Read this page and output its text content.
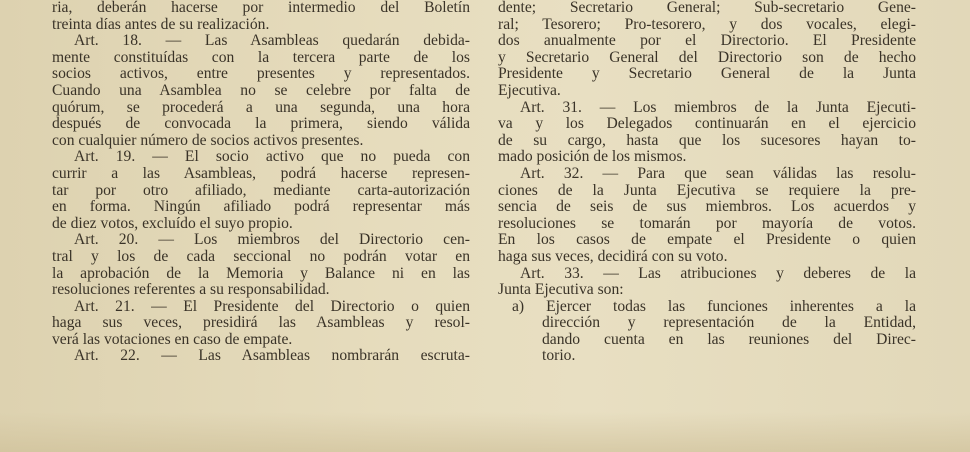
ria, deberán hacerse por intermedio del Boletín
treinta días antes de su realización.
Art. 18. — Las Asambleas quedarán debida-
mente constituídas con la tercera parte de los
socios activos, entre presentes y representados.
Cuando una Asamblea no se celebre por falta de
quórum, se procederá a una segunda, una hora
después de convocada la primera, siendo válida
con cualquier número de socios activos presentes.
Art. 19. — El socio activo que no pueda con
currir a las Asambleas, podrá hacerse represen-
tar por otro afiliado, mediante carta-autorización
en forma. Ningún afiliado podrá representar más
de diez votos, excluído el suyo propio.
Art. 20. — Los miembros del Directorio cen-
tral y los de cada seccional no podrán votar en
la aprobación de la Memoria y Balance ni en las
resoluciones referentes a su responsabilidad.
Art. 21. — El Presidente del Directorio o quien
haga sus veces, presidirá las Asambleas y resol-
verá las votaciones en caso de empate.
Art. 22. — Las Asambleas nombrarán escruta-
dente; Secretario General; Sub-secretario Gene-
ral; Tesorero; Pro-tesorero, y dos vocales, elegi-
dos anualmente por el Directorio. El Presidente
y Secretario General del Directorio son de hecho
Presidente y Secretario General de la Junta
Ejecutiva.
Art. 31. — Los miembros de la Junta Ejecuti-
va y los Delegados continuarán en el ejercicio
de su cargo, hasta que los sucesores hayan to-
mado posición de los mismos.
Art. 32. — Para que sean válidas las resolu-
ciones de la Junta Ejecutiva se requiere la pre-
sencia de seis de sus miembros. Los acuerdos y
resoluciones se tomarán por mayoría de votos.
En los casos de empate el Presidente o quien
haga sus veces, decidirá con su voto.
Art. 33. — Las atribuciones y deberes de la
Junta Ejecutiva son:
a) Ejercer todas las funciones inherentes a la
dirección y representación de la Entidad,
dando cuenta en las reuniones del Direc-
torio.
